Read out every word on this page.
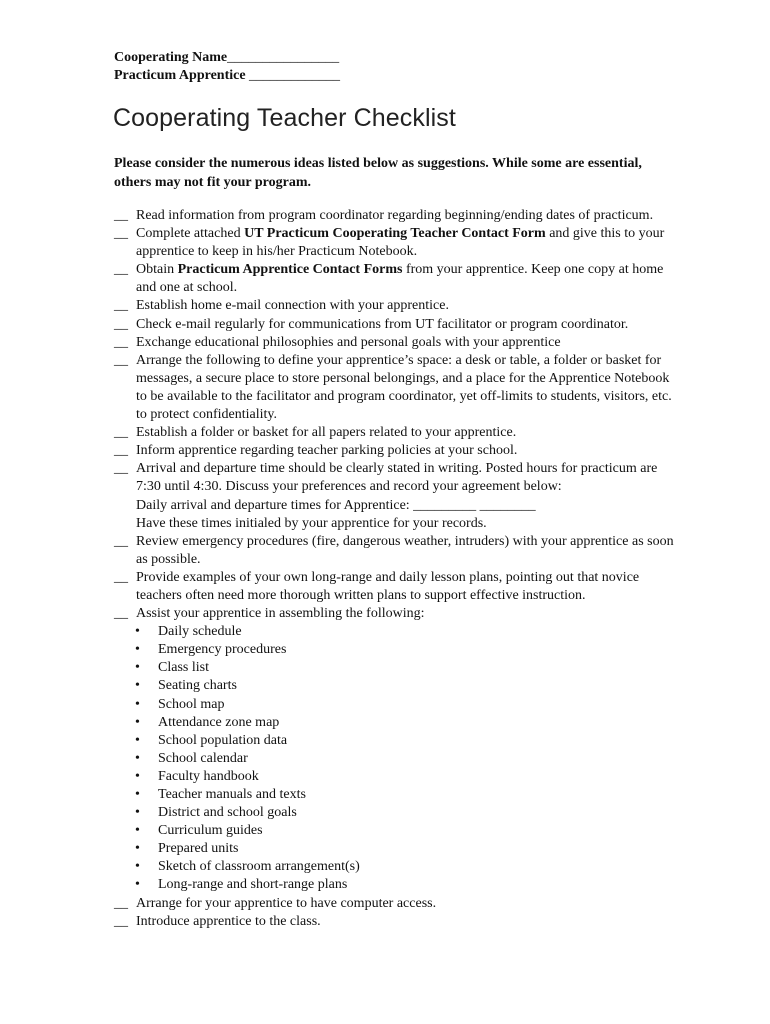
Cooperating Name________________
Practicum Apprentice _____________
Cooperating Teacher Checklist
Please consider the numerous ideas listed below as suggestions. While some are essential, others may not fit your program.
__ Read information from program coordinator regarding beginning/ending dates of practicum.
__ Complete attached UT Practicum Cooperating Teacher Contact Form and give this to your apprentice to keep in his/her Practicum Notebook.
__ Obtain Practicum Apprentice Contact Forms from your apprentice. Keep one copy at home and one at school.
__ Establish home e-mail connection with your apprentice.
__ Check e-mail regularly for communications from UT facilitator or program coordinator.
__ Exchange educational philosophies and personal goals with your apprentice
__ Arrange the following to define your apprentice’s space: a desk or table, a folder or basket for messages, a secure place to store personal belongings, and a place for the Apprentice Notebook to be available to the facilitator and program coordinator, yet off-limits to students, visitors, etc. to protect confidentiality.
__ Establish a folder or basket for all papers related to your apprentice.
__ Inform apprentice regarding teacher parking policies at your school.
__ Arrival and departure time should be clearly stated in writing. Posted hours for practicum are 7:30 until 4:30. Discuss your preferences and record your agreement below:
Daily arrival and departure times for Apprentice: _________ ________
Have these times initialed by your apprentice for your records.
__ Review emergency procedures (fire, dangerous weather, intruders) with your apprentice as soon as possible.
__ Provide examples of your own long-range and daily lesson plans, pointing out that novice teachers often need more thorough written plans to support effective instruction.
__ Assist your apprentice in assembling the following:
• Daily schedule
• Emergency procedures
• Class list
• Seating charts
• School map
• Attendance zone map
• School population data
• School calendar
• Faculty handbook
• Teacher manuals and texts
• District and school goals
• Curriculum guides
• Prepared units
• Sketch of classroom arrangement(s)
• Long-range and short-range plans
__ Arrange for your apprentice to have computer access.
__ Introduce apprentice to the class.
